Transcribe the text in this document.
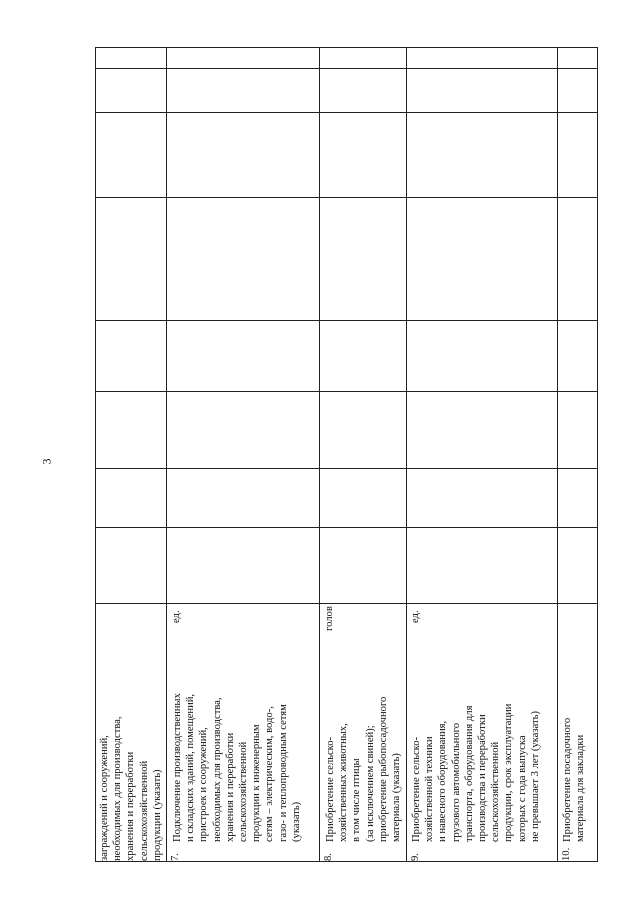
3
заграждений и сооружений,
необходимых для производства,
хранения и переработки
сельскохозяйственной
продукции (указать)
7.
Подключение производственных
и складских зданий, помещений,
пристроек и сооружений,
необходимых для производства,
хранения и переработки
сельскохозяйственной
продукции к инженерным
сетям – электрическим, водо-,
газо- и теплопроводным сетям
(указать)
ед.
8.
Приобретение сельско-
хозяйственных животных,
в том числе птицы
(за исключением свиней);
приобретение рыбопосадочного
материала (указать)
голов
9.
Приобретение сельско-
хозяйственной техники
и навесного оборудования,
грузового автомобильного
транспорта, оборудования для
производства и переработки
сельскохозяйственной
продукции, срок эксплуатации
которых с года выпуска
не превышает 3 лет (указать)
ед.
10.
Приобретение посадочного
материала для закладки
